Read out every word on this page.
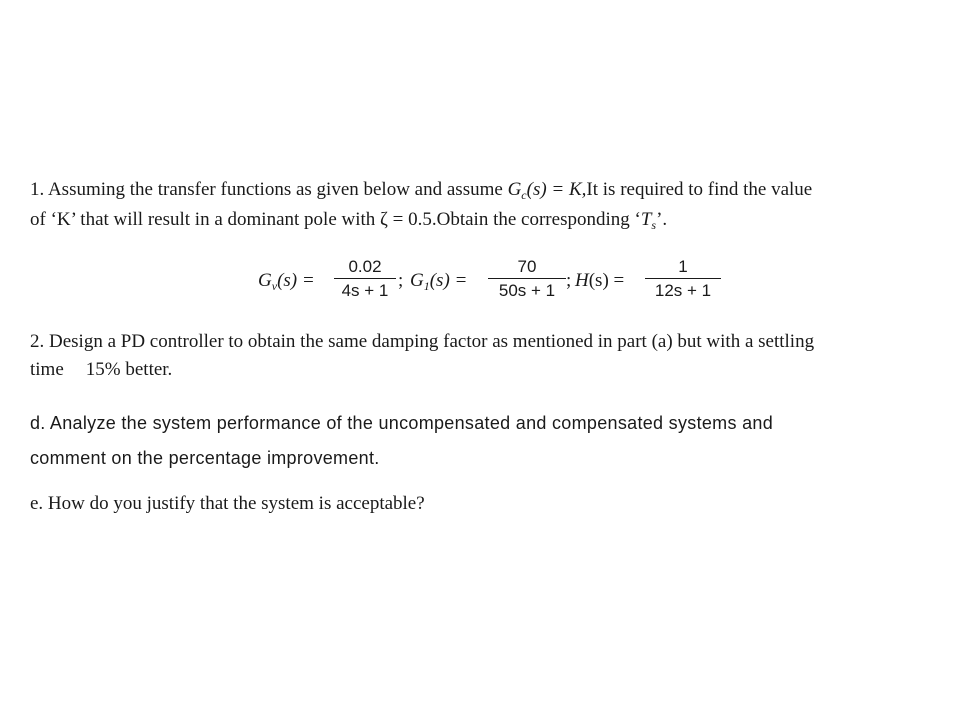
1. Assuming the transfer functions as given below and assume $G_c(s) = K,It$ is required to find the value
of ‘K’ that will result in a dominant pole with ζ = 0.5.Obtain the corresponding ‘$T_s$’.
$G_v(s)$ =
0.02
4s + 1 ; $G_1(s)$ =
70
50s + 1 ; H(s) =
1
12s + 1
2. Design a PD controller to obtain the same damping factor as mentioned in part (a) but with a settling
time 15% better.
d. Analyze the system performance of the uncompensated and compensated systems and
comment on the percentage improvement.
e. How do you justify that the system is acceptable?
